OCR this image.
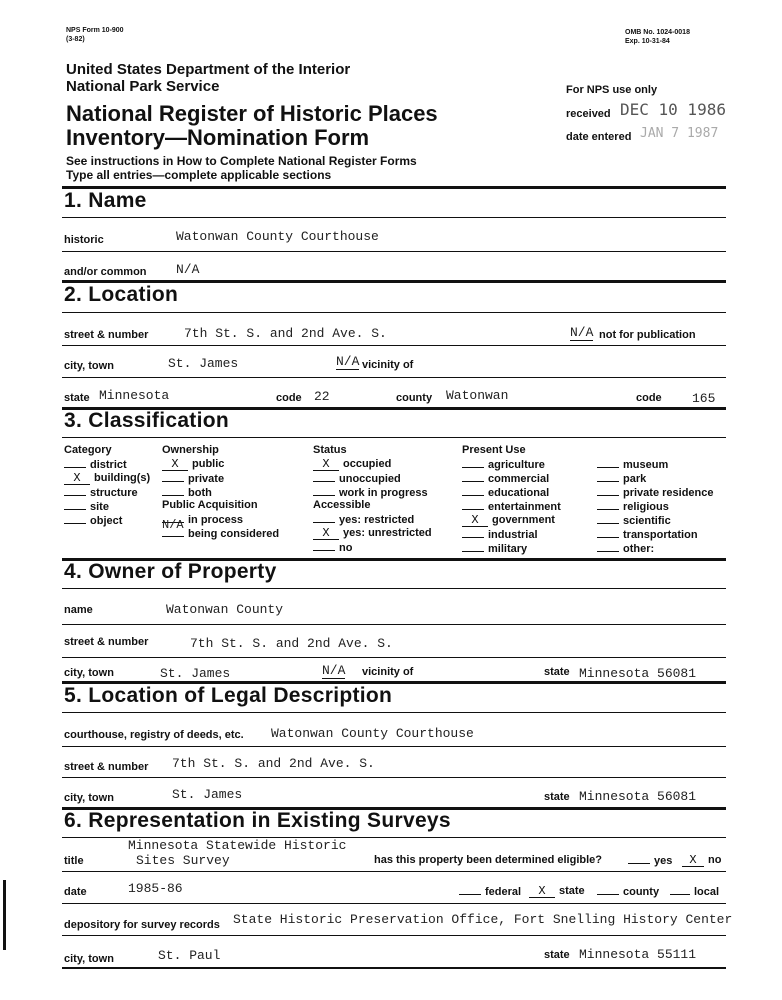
NPS Form 10-900
(3-82)
OMB No. 1024-0018
Exp. 10-31-84
United States Department of the Interior
National Park Service
National Register of Historic Places
Inventory—Nomination Form
See instructions in How to Complete National Register Forms
Type all entries—complete applicable sections
For NPS use only
received DEC 10 1986
date entered JAN 7 1987
1. Name
historic	Watonwan County Courthouse
and/or common N/A
2. Location
street & number	7th St. S. and 2nd Ave. S.	N/A not for publication
city, town	St. James	N/A vicinity of
state Minnesota	code 22	county Watonwan	code 165
3. Classification
Category
district
X building(s)
structure
site
object
Ownership
X public
private
both
Public Acquisition
in process
N/A
being considered
Status
X occupied
unoccupied
work in progress
Accessible
yes: restricted
X yes: unrestricted
no
Present Use
agriculture
commercial
educational
entertainment
X government
industrial
military
museum
park
private residence
religious
scientific
transportation
other:
4. Owner of Property
name	Watonwan County
street & number	7th St. S. and 2nd Ave. S.
city, town	St. James	N/A vicinity of	state Minnesota 56081
5. Location of Legal Description
courthouse, registry of deeds, etc. Watonwan County Courthouse
street & number 7th St. S. and 2nd Ave. S.
city, town	St. James	state Minnesota 56081
6. Representation in Existing Surveys
Minnesota Statewide Historic
title	Sites Survey	has this property been determined eligible?	yes	X no
date	1985-86	federal	X state	county	local
depository for survey records State Historic Preservation Office, Fort Snelling History Center
city, town	St. Paul	state Minnesota 55111
